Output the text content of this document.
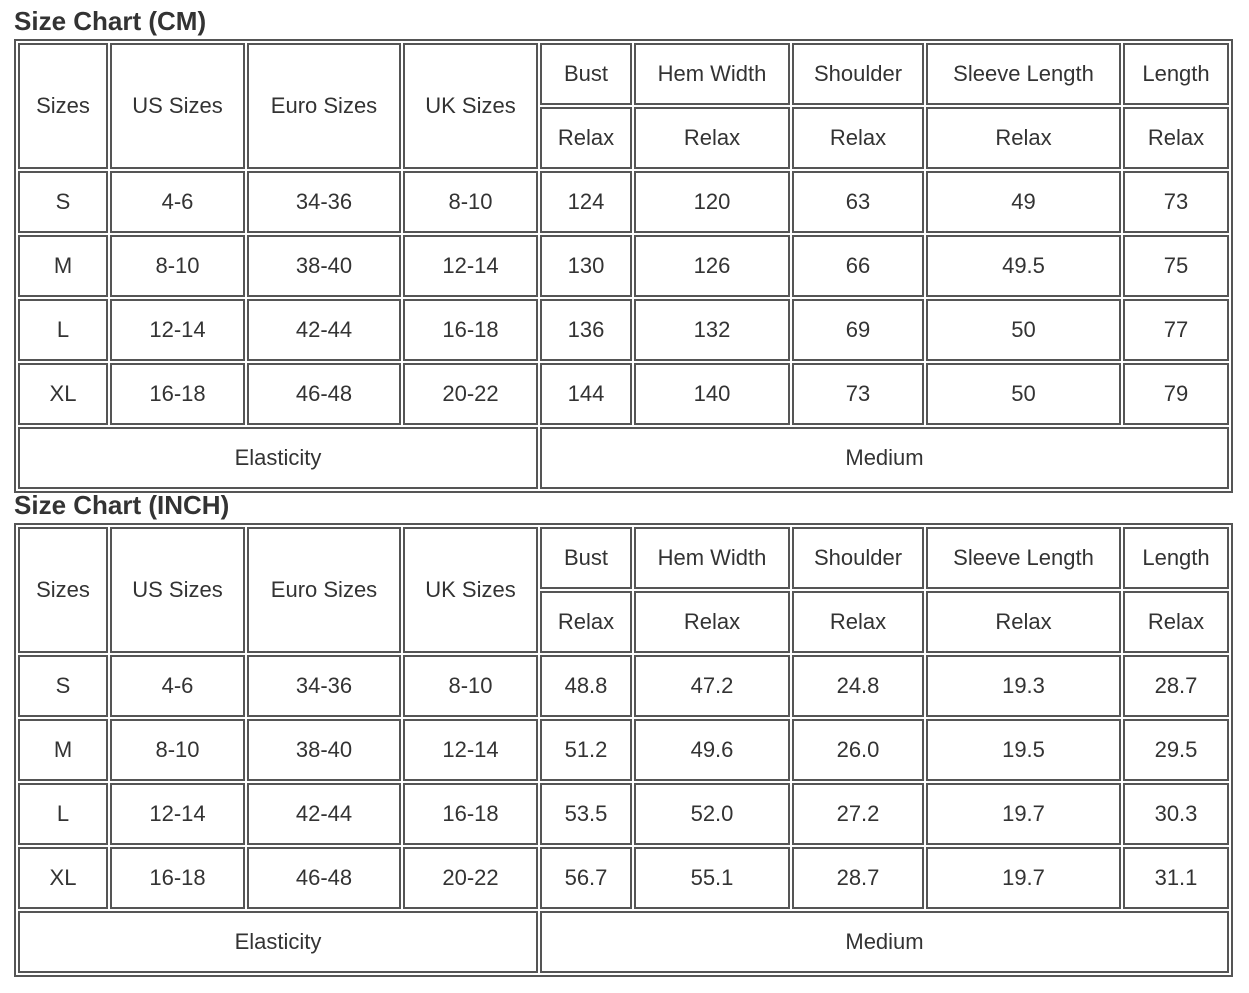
Size Chart (CM)
Sizes	US Sizes	Euro Sizes	UK Sizes	Bust	Hem Width	Shoulder	Sleeve Length	Length
				Relax	Relax	Relax	Relax	Relax
S	4-6	34-36	8-10	124	120	63	49	73
M	8-10	38-40	12-14	130	126	66	49.5	75
L	12-14	42-44	16-18	136	132	69	50	77
XL	16-18	46-48	20-22	144	140	73	50	79
Elasticity				Medium				
Size Chart (INCH)
Sizes	US Sizes	Euro Sizes	UK Sizes	Bust	Hem Width	Shoulder	Sleeve Length	Length
				Relax	Relax	Relax	Relax	Relax
S	4-6	34-36	8-10	48.8	47.2	24.8	19.3	28.7
M	8-10	38-40	12-14	51.2	49.6	26.0	19.5	29.5
L	12-14	42-44	16-18	53.5	52.0	27.2	19.7	30.3
XL	16-18	46-48	20-22	56.7	55.1	28.7	19.7	31.1
Elasticity				Medium				
